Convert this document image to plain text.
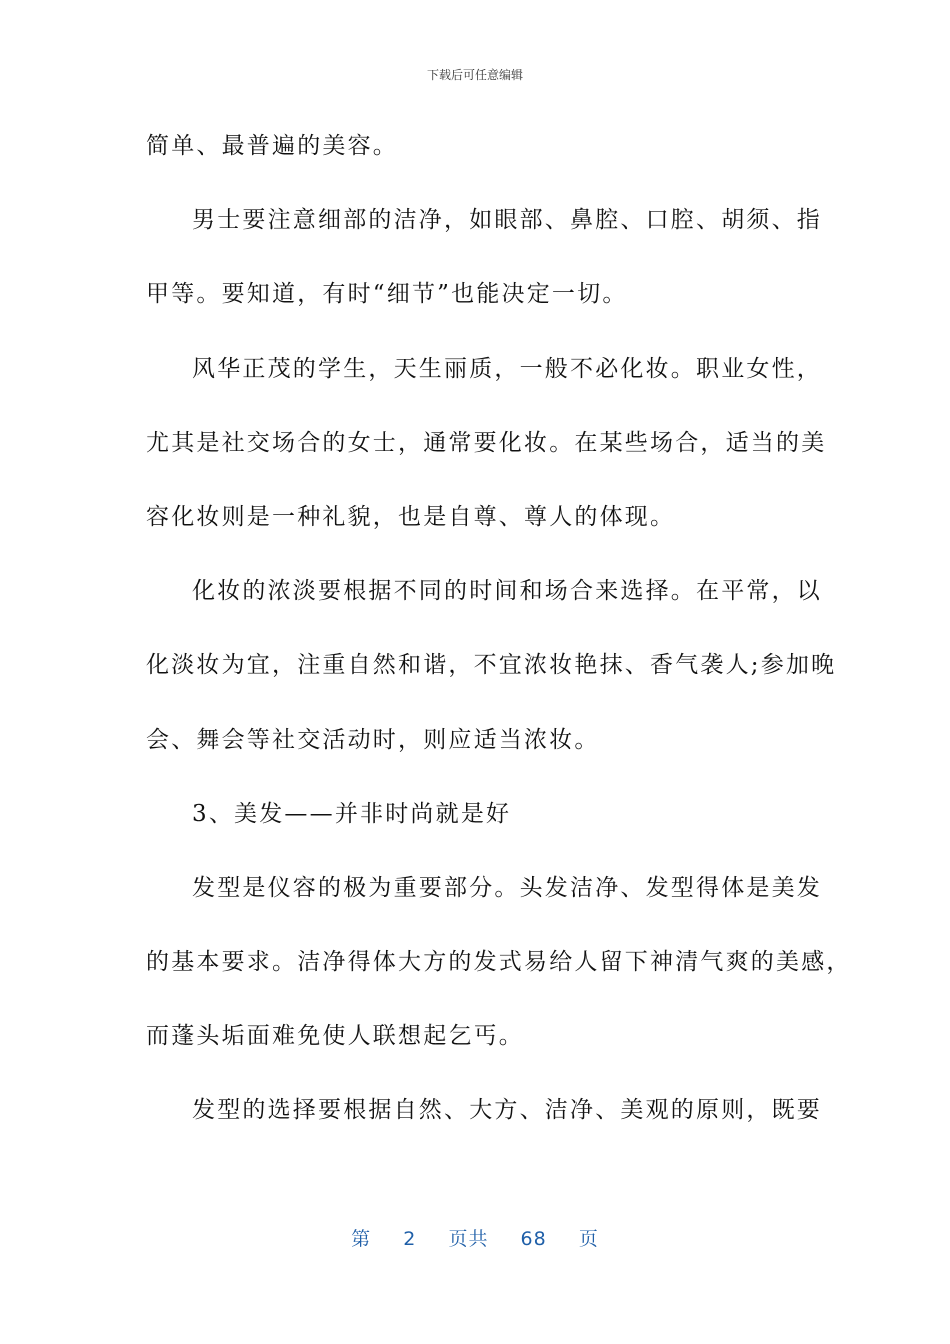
下载后可任意编辑
简单、最普遍的美容。
男士要注意细部的洁净，如眼部、鼻腔、口腔、胡须、指
甲等。要知道，有时“细节”也能决定一切。
风华正茂的学生，天生丽质，一般不必化妆。职业女性，
尤其是社交场合的女士，通常要化妆。在某些场合，适当的美
容化妆则是一种礼貌，也是自尊、尊人的体现。
化妆的浓淡要根据不同的时间和场合来选择。在平常，以
化淡妆为宜，注重自然和谐，不宜浓妆艳抹、香气袭人;参加晚
会、舞会等社交活动时，则应适当浓妆。
3、美发——并非时尚就是好
发型是仪容的极为重要部分。头发洁净、发型得体是美发
的基本要求。洁净得体大方的发式易给人留下神清气爽的美感，
而蓬头垢面难免使人联想起乞丐。
发型的选择要根据自然、大方、洁净、美观的原则，既要
第 2 页共 68 页
